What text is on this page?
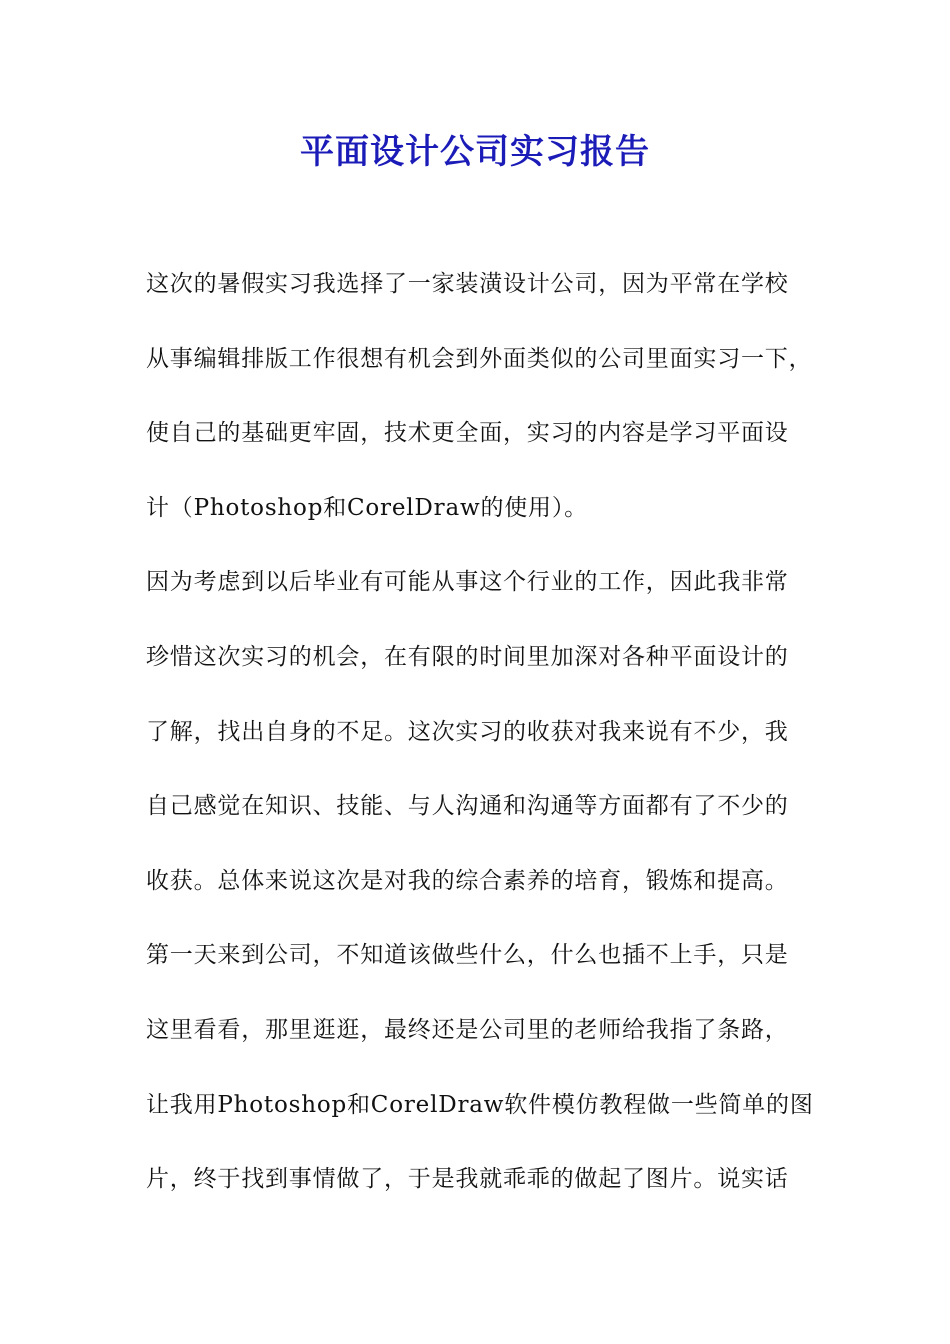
平面设计公司实习报告
这次的暑假实习我选择了一家装潢设计公司，因为平常在学校
从事编辑排版工作很想有机会到外面类似的公司里面实习一下，
使自己的基础更牢固，技术更全面，实习的内容是学习平面设
计（Photoshop和CorelDraw的使用）。
因为考虑到以后毕业有可能从事这个行业的工作，因此我非常
珍惜这次实习的机会，在有限的时间里加深对各种平面设计的
了解，找出自身的不足。这次实习的收获对我来说有不少，我
自己感觉在知识、技能、与人沟通和沟通等方面都有了不少的
收获。总体来说这次是对我的综合素养的培育，锻炼和提高。
第一天来到公司，不知道该做些什么，什么也插不上手，只是
这里看看，那里逛逛，最终还是公司里的老师给我指了条路，
让我用Photoshop和CorelDraw软件模仿教程做一些简单的图
片，终于找到事情做了，于是我就乖乖的做起了图片。说实话
